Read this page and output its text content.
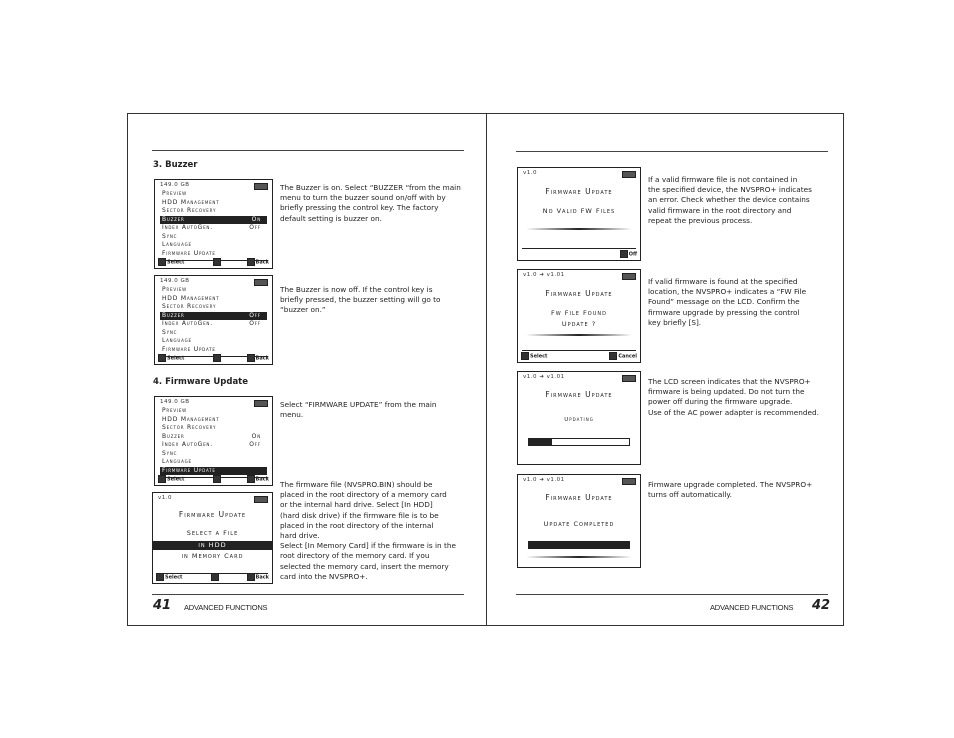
3. Buzzer
149.0 GB
Preview
HDD Management
Sector Recovery
Buzzer	On
Index AutoGen.	Off
Sync
Language
Firmware Update
Select	Back
The Buzzer is on. Select “BUZZER “from the main
menu to turn the buzzer sound on/off with by
briefly pressing the control key. The factory
default setting is buzzer on.
149.0 GB
Preview
HDD Management
Sector Recovery
Buzzer	Off
Index AutoGen.	Off
Sync
Language
Firmware Update
Select	Back
The Buzzer is now off. If the control key is
briefly pressed, the buzzer setting will go to
“buzzer on.”
4. Firmware Update
149.0 GB
Preview
HDD Management
Sector Recovery
Buzzer	On
Index AutoGen.	Off
Sync
Language
Firmware Update
Select	Back
Select “FIRMWARE UPDATE” from the main
menu.
v1.0
Firmware Update
Select a File
in HDD
in Memory Card
Select	Back
The firmware file (NVSPRO.BIN) should be
placed in the root directory of a memory card
or the internal hard drive. Select [In HDD]
(hard disk drive) if the firmware file is to be
placed in the root directory of the internal
hard drive.
Select [In Memory Card] if the firmware is in the
root directory of the memory card. If you
selected the memory card, insert the memory
card into the NVSPRO+.
41 ADVANCED FUNCTIONS
v1.0
Firmware Update
No Valid FW Files
Off
If a valid firmware file is not contained in
the specified device, the NVSPRO+ indicates
an error. Check whether the device contains
valid firmware in the root directory and
repeat the previous process.
v1.0 ➜ v1.01
Firmware Update
Fw File Found
Update ?
Select	Cancel
If valid firmware is found at the specified
location, the NVSPRO+ indicates a “FW File
Found” message on the LCD. Confirm the
firmware upgrade by pressing the control
key briefly [S].
v1.0 ➜ v1.01
Firmware Update
Updating
The LCD screen indicates that the NVSPRO+
firmware is being updated. Do not turn the
power off during the firmware upgrade.
Use of the AC power adapter is recommended.
v1.0 ➜ v1.01
Firmware Update
Update Completed
Firmware upgrade completed. The NVSPRO+
turns off automatically.
ADVANCED FUNCTIONS 42
